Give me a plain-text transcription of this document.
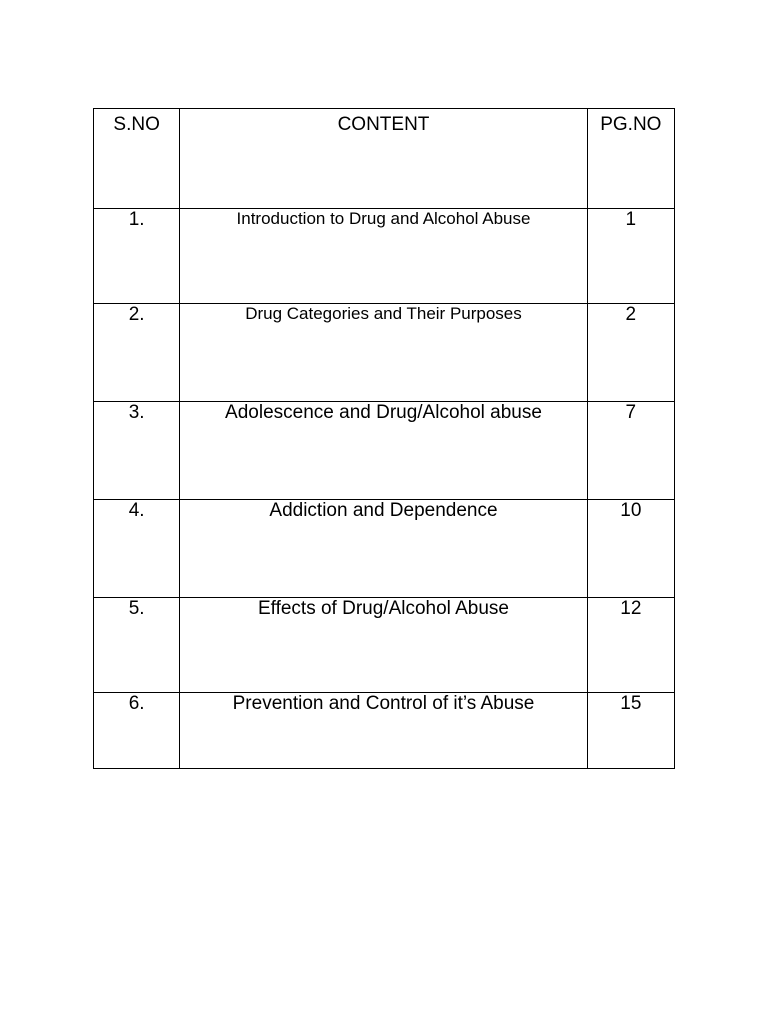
S.NO	CONTENT	PG.NO
1.	Introduction to Drug and Alcohol Abuse	1
2.	Drug Categories and Their Purposes	2
3.	Adolescence and Drug/Alcohol abuse	7
4.	Addiction and Dependence	10
5.	Effects of Drug/Alcohol Abuse	12
6.	Prevention and Control of it’s Abuse	15
